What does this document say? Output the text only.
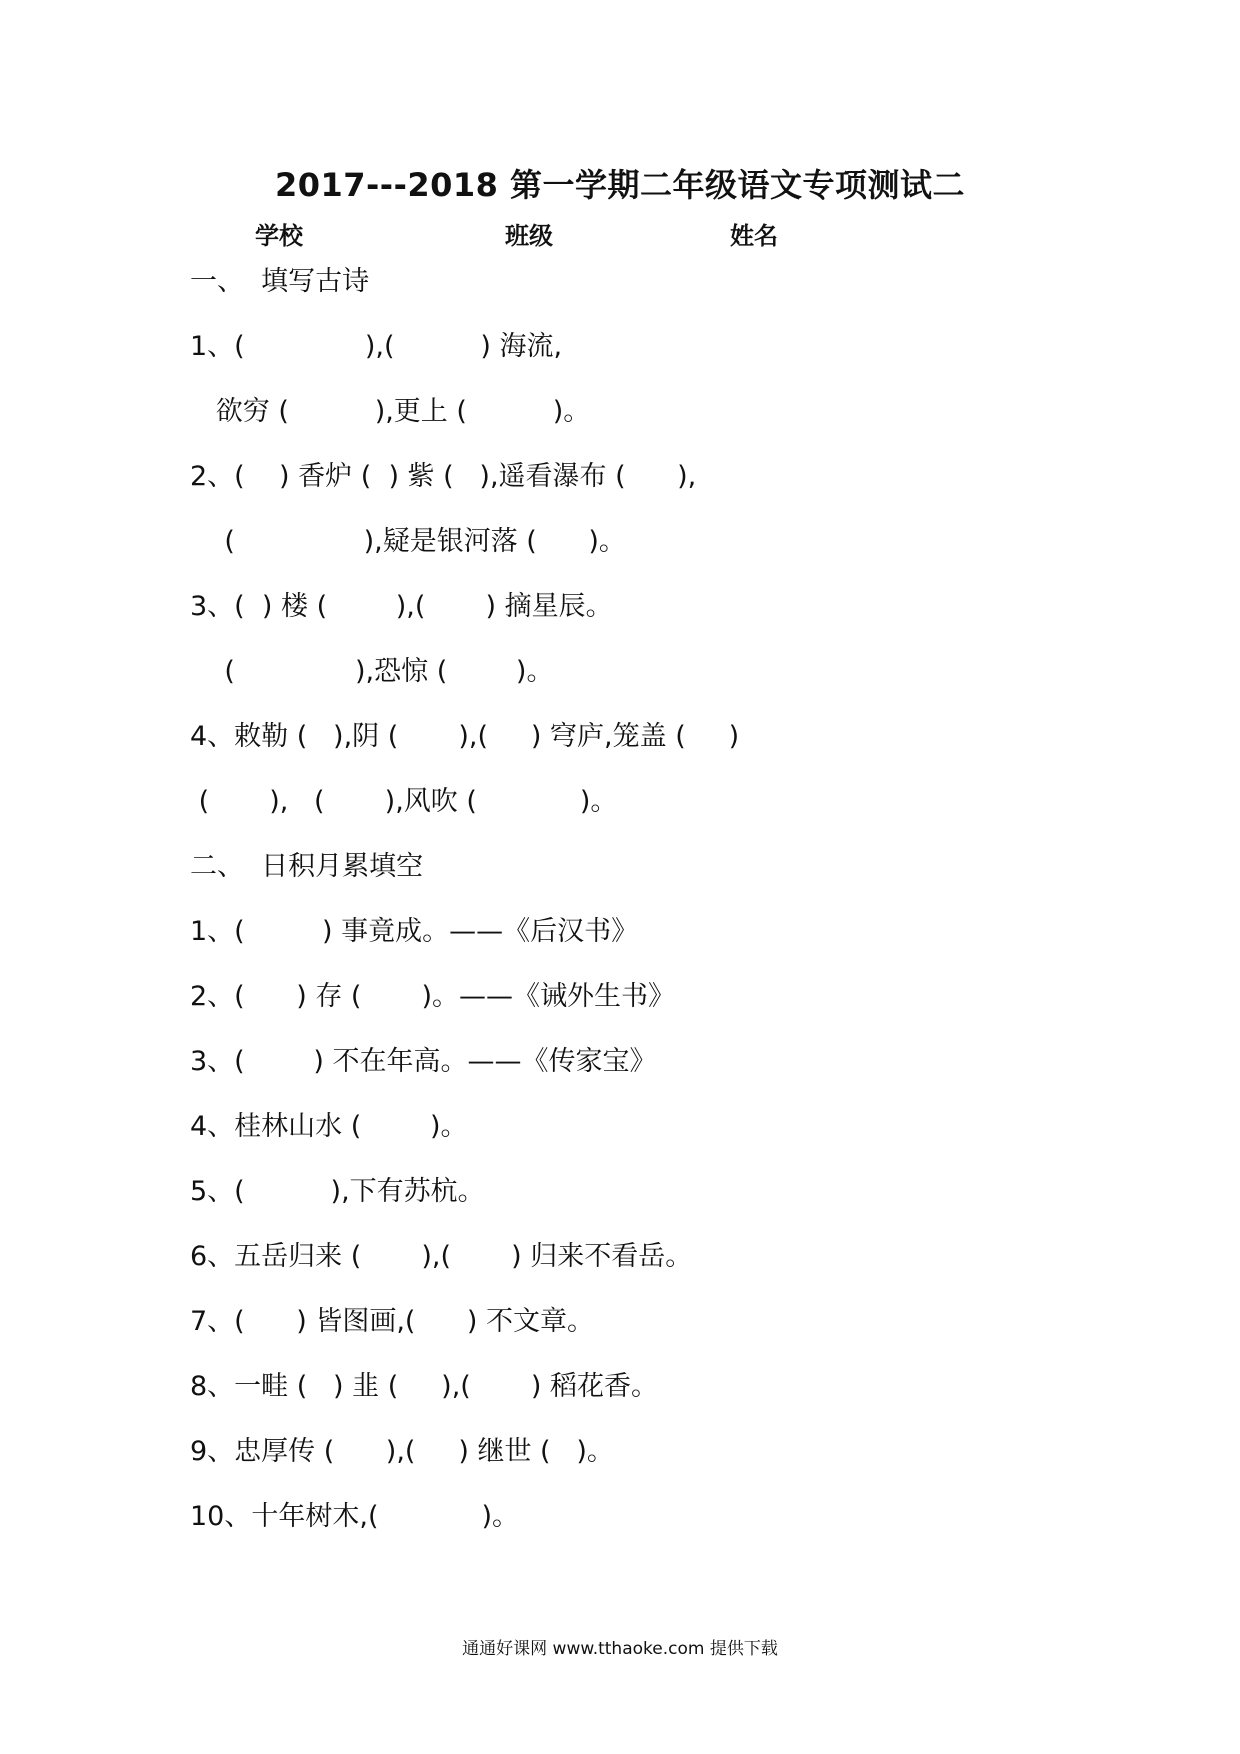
2017---2018 第一学期二年级语文专项测试二
学校	班级	姓名
一、  填写古诗
1、(              ),(          ) 海流,
欲穷 (          ),更上 (          )。
2、(    ) 香炉 (  ) 紫 (   ),遥看瀑布 (      ),
(               ),疑是银河落 (      )。
3、(  ) 楼 (        ),(       ) 摘星辰。
(              ),恐惊 (        )。
4、敕勒 (   ),阴 (       ),(     ) 穹庐,笼盖 (     )
(       ),   (       ),风吹 (            )。
二、  日积月累填空
1、(         ) 事竟成。——《后汉书》
2、(      ) 存 (       )。——《诫外生书》
3、(        ) 不在年高。——《传家宝》
4、桂林山水 (        )。
5、(          ),下有苏杭。
6、五岳归来 (       ),(       ) 归来不看岳。
7、(      ) 皆图画,(      ) 不文章。
8、一畦 (   ) 韭 (     ),(       ) 稻花香。
9、忠厚传 (      ),(     ) 继世 (   )。
10、十年树木,(            )。
通通好课网 www.tthaoke.com 提供下载
